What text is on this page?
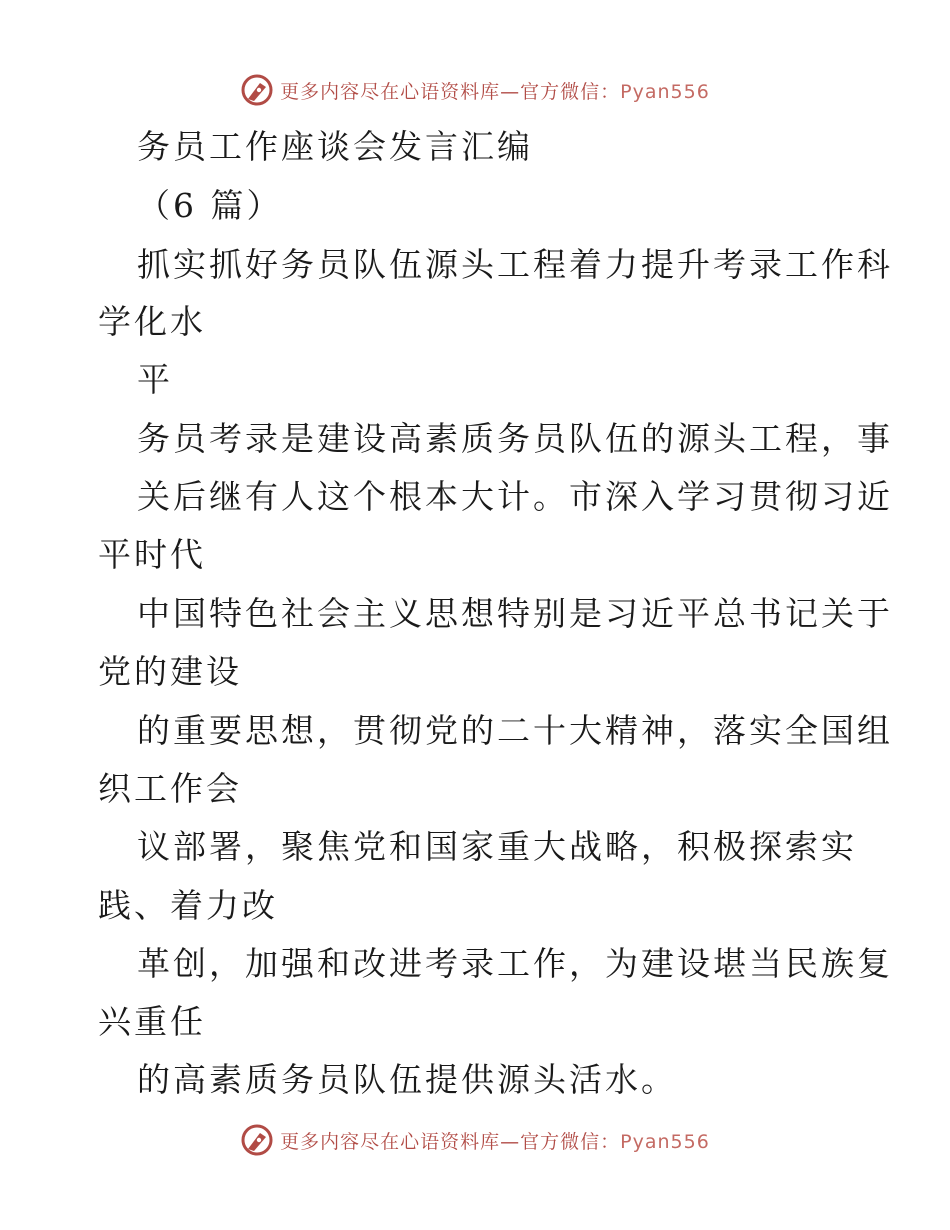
更多内容尽在心语资料库—官方微信：Pyan556
务员工作座谈会发言汇编
（6 篇）
抓实抓好务员队伍源头工程着力提升考录工作科
学化水
平
务员考录是建设高素质务员队伍的源头工程，事
关后继有人这个根本大计。市深入学习贯彻习近
平时代
中国特色社会主义思想特别是习近平总书记关于
党的建设
的重要思想，贯彻党的二十大精神，落实全国组
织工作会
议部署，聚焦党和国家重大战略，积极探索实
践、着力改
革创，加强和改进考录工作，为建设堪当民族复
兴重任
的高素质务员队伍提供源头活水。
更多内容尽在心语资料库—官方微信：Pyan556
